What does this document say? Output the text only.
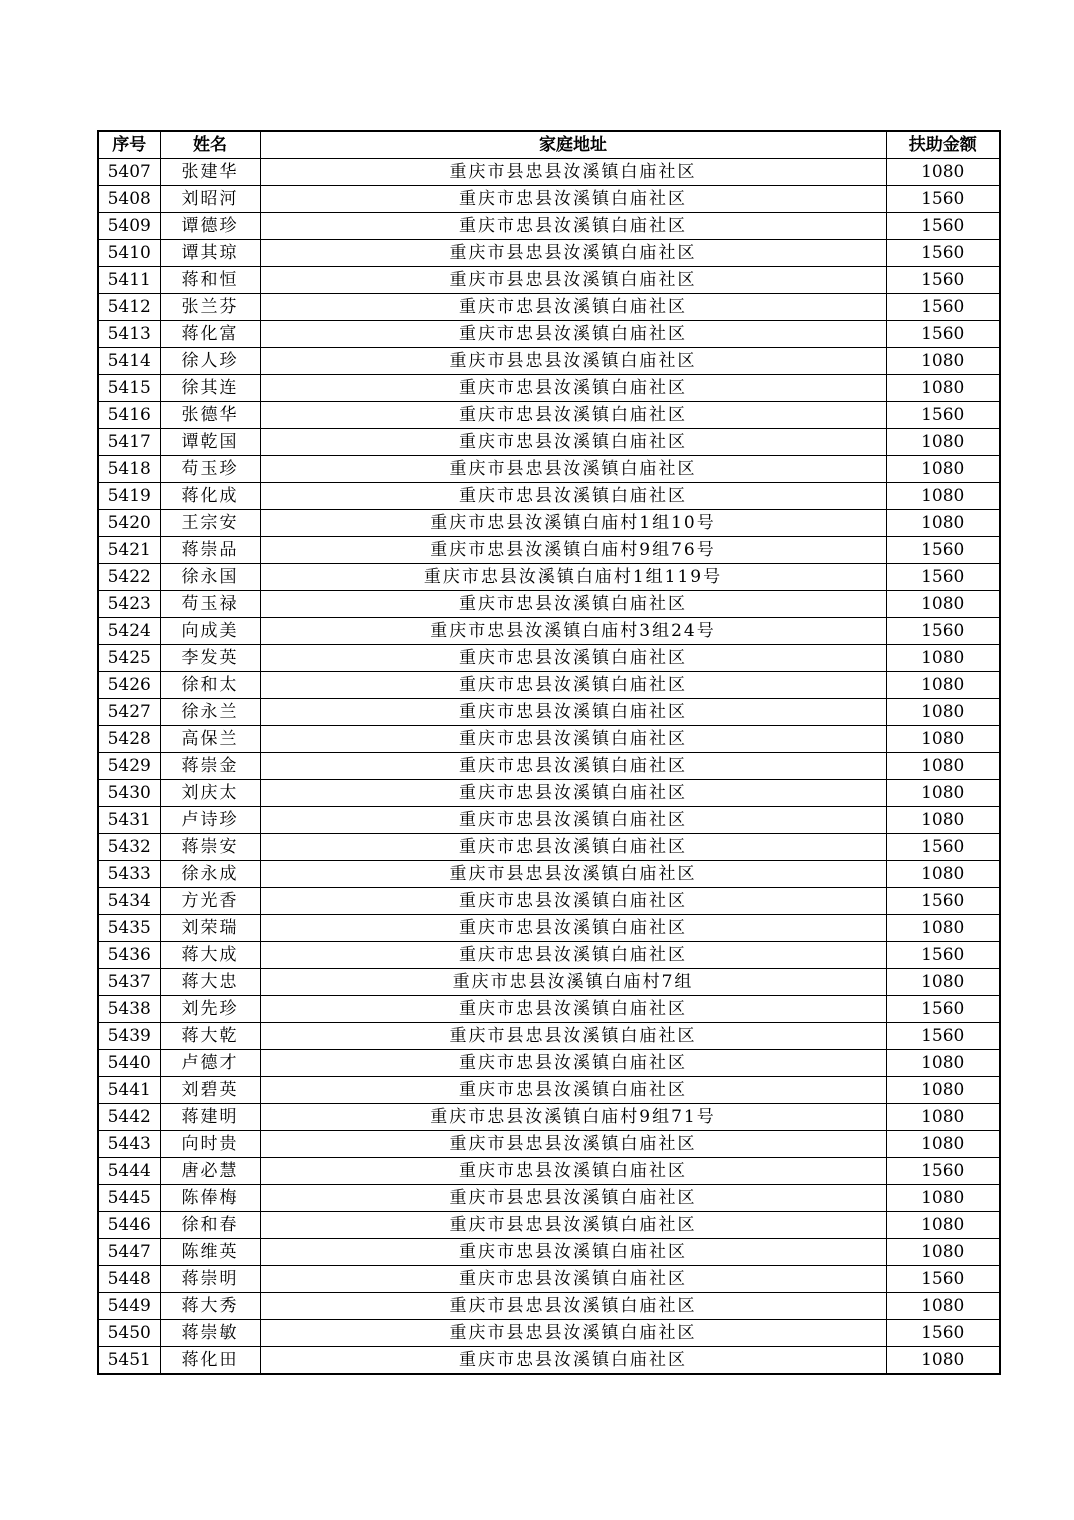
序号	姓名	家庭地址	扶助金额
5407	张建华	重庆市县忠县汝溪镇白庙社区	1080
5408	刘昭河	重庆市忠县汝溪镇白庙社区	1560
5409	谭德珍	重庆市忠县汝溪镇白庙社区	1560
5410	谭其琼	重庆市县忠县汝溪镇白庙社区	1560
5411	蒋和恒	重庆市县忠县汝溪镇白庙社区	1560
5412	张兰芬	重庆市忠县汝溪镇白庙社区	1560
5413	蒋化富	重庆市忠县汝溪镇白庙社区	1560
5414	徐人珍	重庆市县忠县汝溪镇白庙社区	1080
5415	徐其连	重庆市忠县汝溪镇白庙社区	1080
5416	张德华	重庆市忠县汝溪镇白庙社区	1560
5417	谭乾国	重庆市忠县汝溪镇白庙社区	1080
5418	苟玉珍	重庆市县忠县汝溪镇白庙社区	1080
5419	蒋化成	重庆市忠县汝溪镇白庙社区	1080
5420	王宗安	重庆市忠县汝溪镇白庙村1组10号	1080
5421	蒋崇品	重庆市忠县汝溪镇白庙村9组76号	1560
5422	徐永国	重庆市忠县汝溪镇白庙村1组119号	1560
5423	苟玉禄	重庆市忠县汝溪镇白庙社区	1080
5424	向成美	重庆市忠县汝溪镇白庙村3组24号	1560
5425	李发英	重庆市忠县汝溪镇白庙社区	1080
5426	徐和太	重庆市忠县汝溪镇白庙社区	1080
5427	徐永兰	重庆市忠县汝溪镇白庙社区	1080
5428	高保兰	重庆市忠县汝溪镇白庙社区	1080
5429	蒋崇金	重庆市忠县汝溪镇白庙社区	1080
5430	刘庆太	重庆市忠县汝溪镇白庙社区	1080
5431	卢诗珍	重庆市忠县汝溪镇白庙社区	1080
5432	蒋崇安	重庆市忠县汝溪镇白庙社区	1560
5433	徐永成	重庆市县忠县汝溪镇白庙社区	1080
5434	方光香	重庆市忠县汝溪镇白庙社区	1560
5435	刘荣瑞	重庆市忠县汝溪镇白庙社区	1080
5436	蒋大成	重庆市忠县汝溪镇白庙社区	1560
5437	蒋大忠	重庆市忠县汝溪镇白庙村7组	1080
5438	刘先珍	重庆市忠县汝溪镇白庙社区	1560
5439	蒋大乾	重庆市县忠县汝溪镇白庙社区	1560
5440	卢德才	重庆市忠县汝溪镇白庙社区	1080
5441	刘碧英	重庆市忠县汝溪镇白庙社区	1080
5442	蒋建明	重庆市忠县汝溪镇白庙村9组71号	1080
5443	向时贵	重庆市县忠县汝溪镇白庙社区	1080
5444	唐必慧	重庆市忠县汝溪镇白庙社区	1560
5445	陈俸梅	重庆市县忠县汝溪镇白庙社区	1080
5446	徐和春	重庆市县忠县汝溪镇白庙社区	1080
5447	陈维英	重庆市忠县汝溪镇白庙社区	1080
5448	蒋崇明	重庆市忠县汝溪镇白庙社区	1560
5449	蒋大秀	重庆市县忠县汝溪镇白庙社区	1080
5450	蒋崇敏	重庆市县忠县汝溪镇白庙社区	1560
5451	蒋化田	重庆市忠县汝溪镇白庙社区	1080
